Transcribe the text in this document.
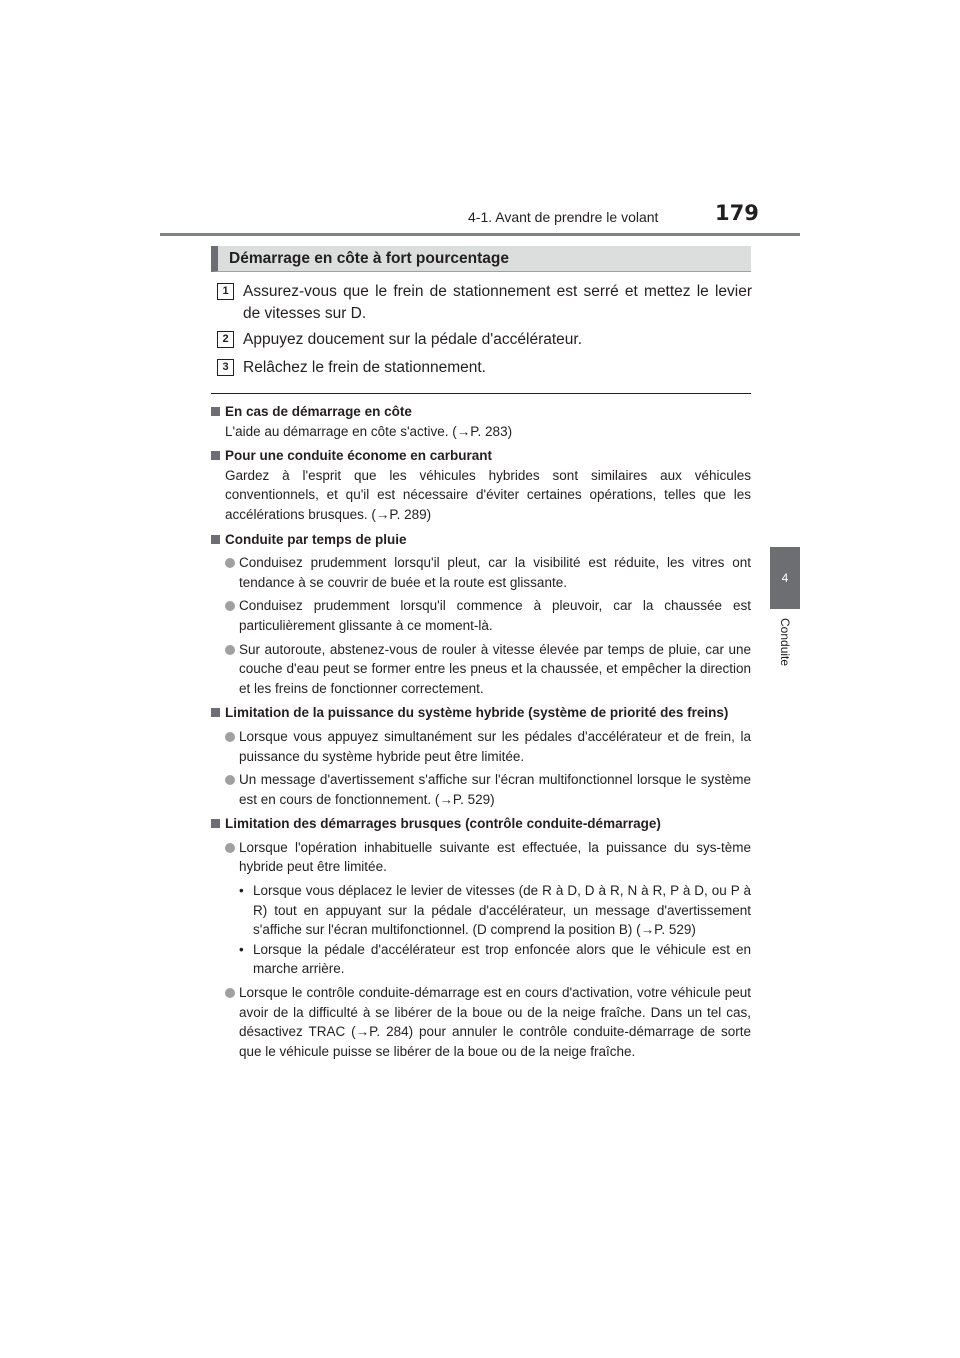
4-1. Avant de prendre le volant	179
4
Conduite
Démarrage en côte à fort pourcentage
1 Assurez-vous que le frein de stationnement est serré et mettez le levier de vitesses sur D.
2 Appuyez doucement sur la pédale d'accélérateur.
3 Relâchez le frein de stationnement.
En cas de démarrage en côte
L'aide au démarrage en côte s'active. (→P. 283)
Pour une conduite économe en carburant
Gardez à l'esprit que les véhicules hybrides sont similaires aux véhicules conventionnels, et qu'il est nécessaire d'éviter certaines opérations, telles que les accélérations brusques. (→P. 289)
Conduite par temps de pluie
Conduisez prudemment lorsqu'il pleut, car la visibilité est réduite, les vitres ont tendance à se couvrir de buée et la route est glissante.
Conduisez prudemment lorsqu'il commence à pleuvoir, car la chaussée est particulièrement glissante à ce moment-là.
Sur autoroute, abstenez-vous de rouler à vitesse élevée par temps de pluie, car une couche d'eau peut se former entre les pneus et la chaussée, et empêcher la direction et les freins de fonctionner correctement.
Limitation de la puissance du système hybride (système de priorité des freins)
Lorsque vous appuyez simultanément sur les pédales d'accélérateur et de frein, la puissance du système hybride peut être limitée.
Un message d'avertissement s'affiche sur l'écran multifonctionnel lorsque le système est en cours de fonctionnement. (→P. 529)
Limitation des démarrages brusques (contrôle conduite-démarrage)
Lorsque l'opération inhabituelle suivante est effectuée, la puissance du sys-tème hybride peut être limitée.
• Lorsque vous déplacez le levier de vitesses (de R à D, D à R, N à R, P à D, ou P à R) tout en appuyant sur la pédale d'accélérateur, un message d'avertissement s'affiche sur l'écran multifonctionnel. (D comprend la position B) (→P. 529)
• Lorsque la pédale d'accélérateur est trop enfoncée alors que le véhicule est en marche arrière.
Lorsque le contrôle conduite-démarrage est en cours d'activation, votre véhicule peut avoir de la difficulté à se libérer de la boue ou de la neige fraîche. Dans un tel cas, désactivez TRAC (→P. 284) pour annuler le contrôle conduite-démarrage de sorte que le véhicule puisse se libérer de la boue ou de la neige fraîche.
